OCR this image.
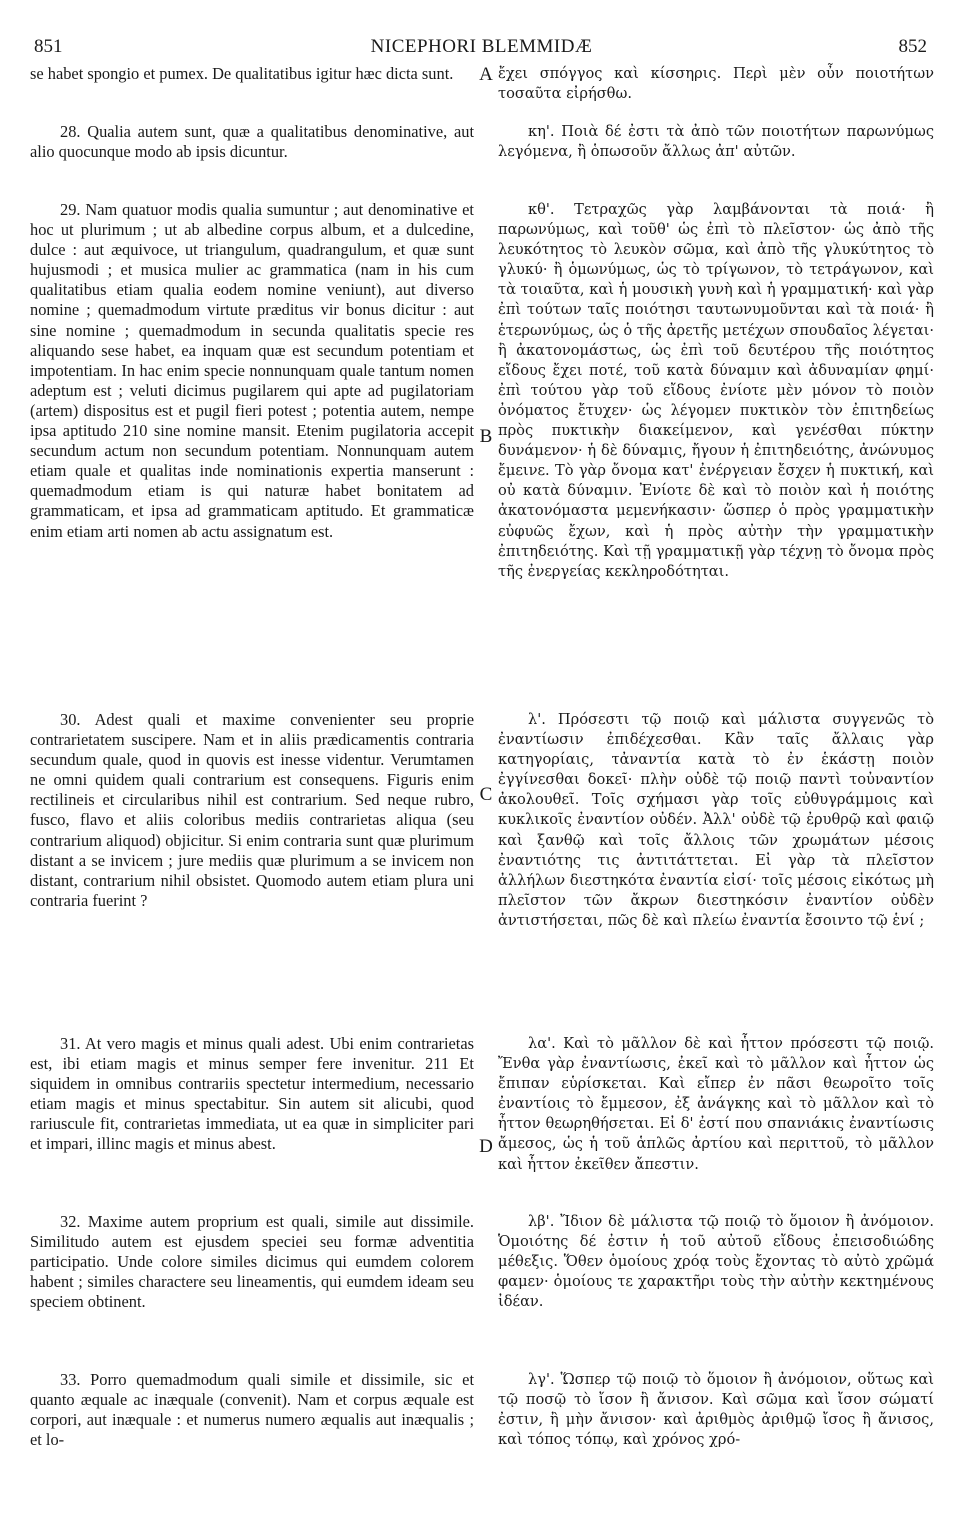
851	NICEPHORI BLEMMIDÆ	852
A
B
C
D

se habet spongio et pumex. De qualitatibus igitur hæc dicta sunt.

28. Qualia autem sunt, quæ a qualitatibus denominative, aut alio quocunque modo ab ipsis dicuntur.

29. Nam quatuor modis qualia sumuntur ; aut denominative et hoc ut plurimum ; ut ab albedine corpus album, et a dulcedine, dulce : aut æquivoce, ut triangulum, quadrangulum, et quæ sunt hujusmodi ; et musica mulier ac grammatica (nam in his cum qualitatibus etiam qualia eodem nomine veniunt), aut diverso nomine ; quemadmodum virtute præditus vir bonus dicitur : aut sine nomine ; quemadmodum in secunda qualitatis specie res aliquando sese habet, ea inquam quæ est secundum potentiam et impotentiam. In hac enim specie nonnunquam quale tantum nomen adeptum est ; veluti dicimus pugilarem qui apte ad pugilatoriam (artem) dispositus est et pugil fieri potest ; potentia autem, nempe ipsa aptitudo 210 sine nomine mansit. Etenim pugilatoria accepit secundum actum non secundum potentiam. Nonnunquam autem etiam quale et qualitas inde nominationis expertia manserunt : quemadmodum etiam is qui naturæ habet bonitatem ad grammaticam, et ipsa ad grammaticam aptitudo. Et grammaticæ enim etiam arti nomen ab actu assignatum est.

30. Adest quali et maxime convenienter seu proprie contrarietatem suscipere. Nam et in aliis prædicamentis contraria secundum quale, quod in quovis est inesse videntur. Verumtamen ne omni quidem quali contrarium est consequens. Figuris enim rectilineis et circularibus nihil est contrarium. Sed neque rubro, fusco, flavo et aliis coloribus mediis contrarietas aliqua (seu contrarium aliquod) objicitur. Si enim contraria sunt quæ plurimum distant a se invicem ; jure mediis quæ plurimum a se invicem non distant, contrarium nihil obsistet. Quomodo autem etiam plura uni contraria fuerint ?

31. At vero magis et minus quali adest. Ubi enim contrarietas est, ibi etiam magis et minus semper fere invenitur. 211 Et siquidem in omnibus contrariis spectetur intermedium, necessario etiam magis et minus spectabitur. Sin autem sit alicubi, quod rariuscule fit, contrarietas immediata, ut ea quæ in simpliciter pari et impari, illinc magis et minus abest.

32. Maxime autem proprium est quali, simile aut dissimile. Similitudo autem est ejusdem speciei seu formæ adventitia participatio. Unde colore similes dicimus qui eumdem colorem habent ; similes charactere seu lineamentis, qui eumdem ideam seu speciem obtinent.

33. Porro quemadmodum quali simile et dissimile, sic et quanto æquale ac inæquale (convenit). Nam et corpus æquale est corpori, aut inæquale : et numerus numero æqualis aut inæqualis ; et lo-

ἔχει σπόγγος καὶ κίσσηρις. Περὶ μὲν οὖν ποιοτήτων τοσαῦτα εἰρήσθω.

κη'. Ποιὰ δέ ἐστι τὰ ἀπὸ τῶν ποιοτήτων παρωνύμως λεγόμενα, ἢ ὁπωσοῦν ἄλλως ἀπ' αὐτῶν.

κθ'. Τετραχῶς γὰρ λαμβάνονται τὰ ποιά· ἢ παρωνύμως, καὶ τοῦθ' ὡς ἐπὶ τὸ πλεῖστον· ὡς ἀπὸ τῆς λευκότητος τὸ λευκὸν σῶμα, καὶ ἀπὸ τῆς γλυκύτητος τὸ γλυκύ· ἢ ὁμωνύμως, ὡς τὸ τρίγωνον, τὸ τετράγωνον, καὶ τὰ τοιαῦτα, καὶ ἡ μουσικὴ γυνὴ καὶ ἡ γραμματική· καὶ γὰρ ἐπὶ τούτων ταῖς ποιότησι ταυτωνυμοῦνται καὶ τὰ ποιά· ἢ ἑτερωνύμως, ὡς ὁ τῆς ἀρετῆς μετέχων σπουδαῖος λέγεται· ἢ ἀκατονομάστως, ὡς ἐπὶ τοῦ δευτέρου τῆς ποιότητος εἴδους ἔχει ποτέ, τοῦ κατὰ δύναμιν καὶ ἀδυναμίαν φημί· ἐπὶ τούτου γὰρ τοῦ εἴδους ἐνίοτε μὲν μόνον τὸ ποιὸν ὀνόματος ἔτυχεν· ὡς λέγομεν πυκτικὸν τὸν ἐπιτηδείως πρὸς πυκτικὴν διακείμενον, καὶ γενέσθαι πύκτην δυνάμενον· ἡ δὲ δύναμις, ἤγουν ἡ ἐπιτηδειότης, ἀνώνυμος ἔμεινε. Τὸ γὰρ ὄνομα κατ' ἐνέργειαν ἔσχεν ἡ πυκτική, καὶ οὐ κατὰ δύναμιν. Ἐνίοτε δὲ καὶ τὸ ποιὸν καὶ ἡ ποιότης ἀκατονόμαστα μεμενήκασιν· ὥσπερ ὁ πρὸς γραμματικὴν εὐφυῶς ἔχων, καὶ ἡ πρὸς αὐτὴν τὴν γραμματικὴν ἐπιτηδειότης. Καὶ τῇ γραμματικῇ γὰρ τέχνῃ τὸ ὄνομα πρὸς τῆς ἐνεργείας κεκληροδότηται.

λ'. Πρόσεστι τῷ ποιῷ καὶ μάλιστα συγγενῶς τὸ ἐναντίωσιν ἐπιδέχεσθαι. Κἂν ταῖς ἄλλαις γὰρ κατηγορίαις, τἀναντία κατὰ τὸ ἐν ἑκάστῃ ποιὸν ἐγγίνεσθαι δοκεῖ· πλὴν οὐδὲ τῷ ποιῷ παντὶ τοὐναντίον ἀκολουθεῖ. Τοῖς σχήμασι γὰρ τοῖς εὐθυγράμμοις καὶ κυκλικοῖς ἐναντίον οὐδέν. Ἀλλ' οὐδὲ τῷ ἐρυθρῷ καὶ φαιῷ καὶ ξανθῷ καὶ τοῖς ἄλλοις τῶν χρωμάτων μέσοις ἐναντιότης τις ἀντιτάττεται. Εἰ γὰρ τὰ πλεῖστον ἀλλήλων διεστηκότα ἐναντία εἰσί· τοῖς μέσοις εἰκότως μὴ πλεῖστον τῶν ἄκρων διεστηκόσιν ἐναντίον οὐδὲν ἀντιστήσεται, πῶς δὲ καὶ πλείω ἐναντία ἔσοιντο τῷ ἑνί ;

λα'. Καὶ τὸ μᾶλλον δὲ καὶ ἧττον πρόσεστι τῷ ποιῷ. Ἔνθα γὰρ ἐναντίωσις, ἐκεῖ καὶ τὸ μᾶλλον καὶ ἧττον ὡς ἔπιπαν εὑρίσκεται. Καὶ εἴπερ ἐν πᾶσι θεωροῖτο τοῖς ἐναντίοις τὸ ἔμμεσον, ἐξ ἀνάγκης καὶ τὸ μᾶλλον καὶ τὸ ἧττον θεωρηθήσεται. Εἰ δ' ἐστί που σπανιάκις ἐναντίωσις ἄμεσος, ὡς ἡ τοῦ ἁπλῶς ἀρτίου καὶ περιττοῦ, τὸ μᾶλλον καὶ ἧττον ἐκεῖθεν ἄπεστιν.

λβ'. Ἴδιον δὲ μάλιστα τῷ ποιῷ τὸ ὅμοιον ἢ ἀνόμοιον. Ὁμοιότης δέ ἐστιν ἡ τοῦ αὐτοῦ εἴδους ἐπεισοδιώδης μέθεξις. Ὅθεν ὁμοίους χρόᾳ τοὺς ἔχοντας τὸ αὐτὸ χρῶμά φαμεν· ὁμοίους τε χαρακτῆρι τοὺς τὴν αὐτὴν κεκτημένους ἰδέαν.

λγ'. Ὥσπερ τῷ ποιῷ τὸ ὅμοιον ἢ ἀνόμοιον, οὕτως καὶ τῷ ποσῷ τὸ ἴσον ἢ ἄνισον. Καὶ σῶμα καὶ ἴσον σώματί ἐστιν, ἢ μὴν ἄνισον· καὶ ἀριθμὸς ἀριθμῷ ἴσος ἢ ἄνισος, καὶ τόπος τόπῳ, καὶ χρόνος χρό-
